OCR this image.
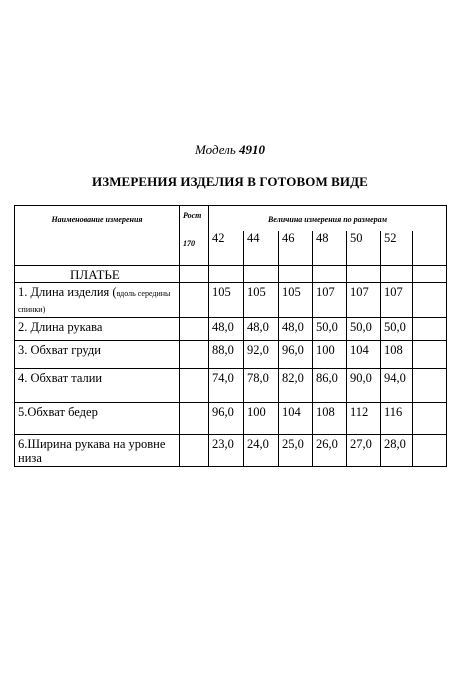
Модель 4910
ИЗМЕРЕНИЯ ИЗДЕЛИЯ В ГОТОВОМ ВИДЕ
Наименование измерения	Рост
170	Величина измерения по размерам						
		42	44	46	48	50	52	
ПЛАТЬЕ								
1. Длина изделия (вдоль середины спинки)		105	105	105	107	107	107	
2. Длина рукава		48,0	48,0	48,0	50,0	50,0	50,0	
3. Обхват груди		88,0	92,0	96,0	100	104	108	
4. Обхват талии		74,0	78,0	82,0	86,0	90,0	94,0	
5.Обхват бедер		96,0	100	104	108	112	116	
6.Ширина рукава на уровне низа		23,0	24,0	25,0	26,0	27,0	28,0	
